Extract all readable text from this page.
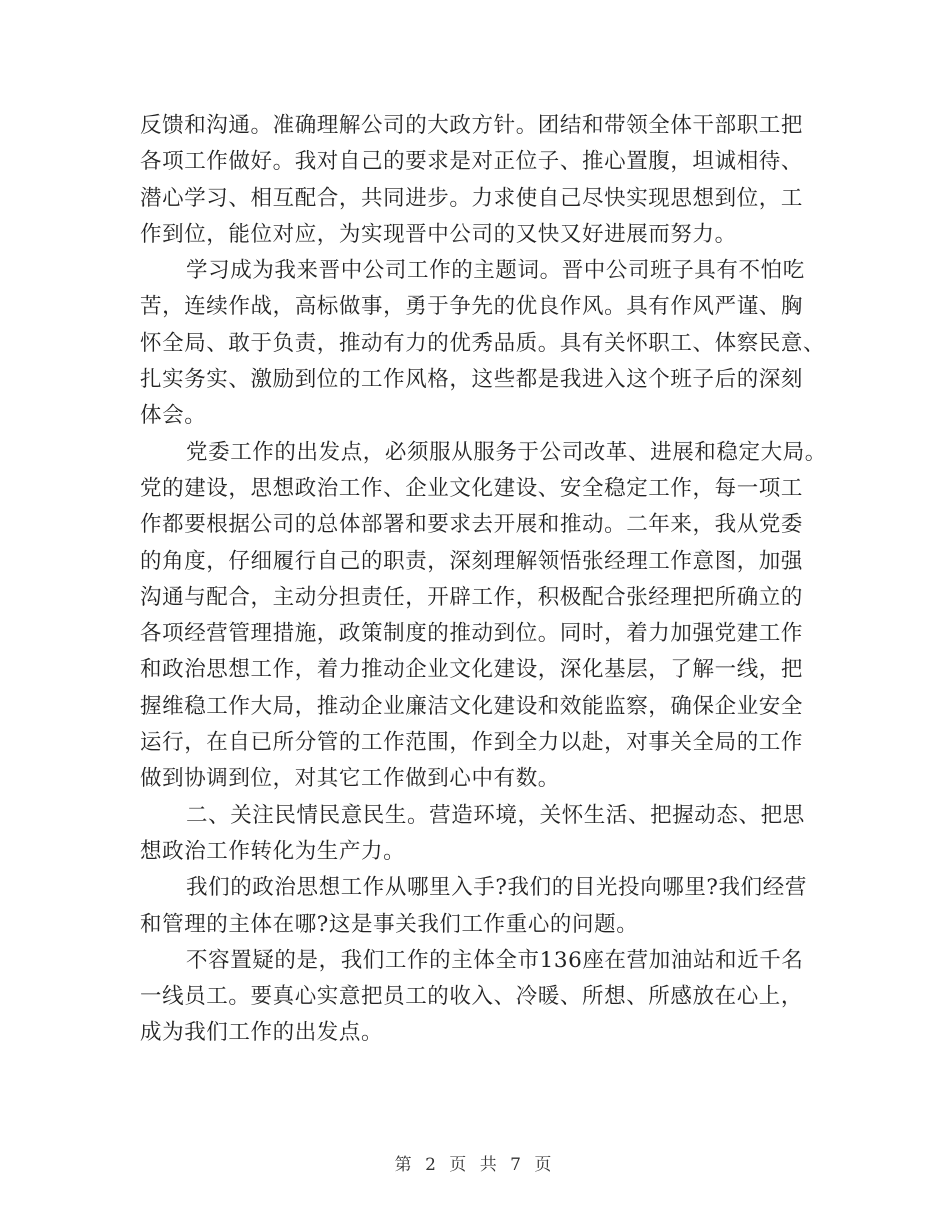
反馈和沟通。准确理解公司的大政方针。团结和带领全体干部职工把
各项工作做好。我对自己的要求是对正位子、推心置腹，坦诚相待、
潜心学习、相互配合，共同进步。力求使自己尽快实现思想到位，工
作到位，能位对应，为实现晋中公司的又快又好进展而努力。
学习成为我来晋中公司工作的主题词。晋中公司班子具有不怕吃
苦，连续作战，高标做事，勇于争先的优良作风。具有作风严谨、胸
怀全局、敢于负责，推动有力的优秀品质。具有关怀职工、体察民意、
扎实务实、激励到位的工作风格，这些都是我进入这个班子后的深刻
体会。
党委工作的出发点，必须服从服务于公司改革、进展和稳定大局。
党的建设，思想政治工作、企业文化建设、安全稳定工作，每一项工
作都要根据公司的总体部署和要求去开展和推动。二年来，我从党委
的角度，仔细履行自己的职责，深刻理解领悟张经理工作意图，加强
沟通与配合，主动分担责任，开辟工作，积极配合张经理把所确立的
各项经营管理措施，政策制度的推动到位。同时，着力加强党建工作
和政治思想工作，着力推动企业文化建设，深化基层，了解一线，把
握维稳工作大局，推动企业廉洁文化建设和效能监察，确保企业安全
运行，在自已所分管的工作范围，作到全力以赴，对事关全局的工作
做到协调到位，对其它工作做到心中有数。
二、关注民情民意民生。营造环境，关怀生活、把握动态、把思
想政治工作转化为生产力。
我们的政治思想工作从哪里入手?我们的目光投向哪里?我们经营
和管理的主体在哪?这是事关我们工作重心的问题。
不容置疑的是，我们工作的主体全市136座在营加油站和近千名
一线员工。要真心实意把员工的收入、冷暖、所想、所感放在心上，
成为我们工作的出发点。
第 2 页 共 7 页
